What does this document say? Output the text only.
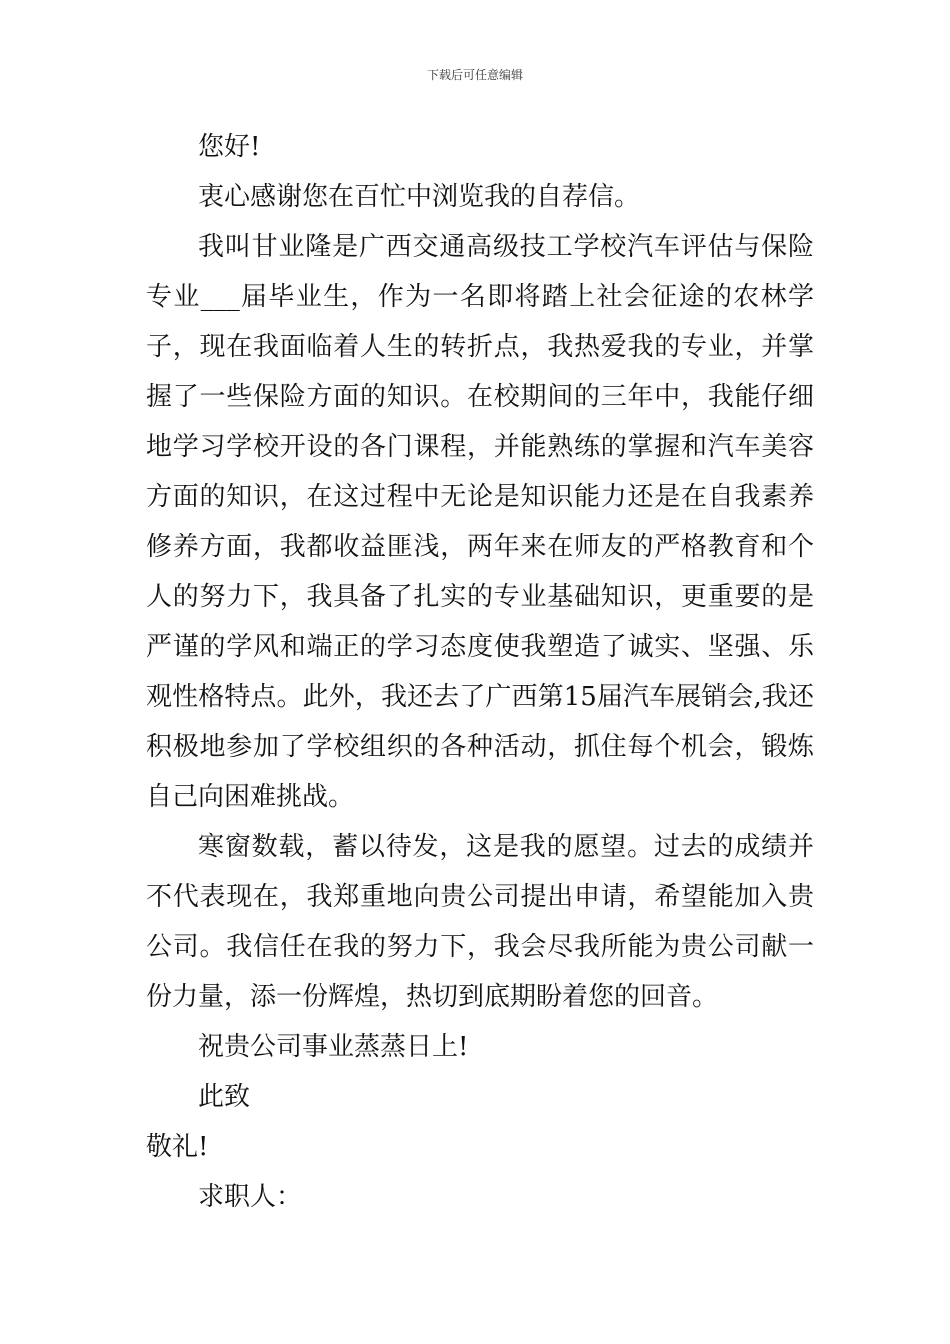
下载后可任意编辑

您好!

衷心感谢您在百忙中浏览我的自荐信。

我叫甘业隆是广西交通高级技工学校汽车评估与保险专业___届毕业生，作为一名即将踏上社会征途的农林学子，现在我面临着人生的转折点，我热爱我的专业，并掌握了一些保险方面的知识。在校期间的三年中，我能仔细地学习学校开设的各门课程，并能熟练的掌握和汽车美容方面的知识，在这过程中无论是知识能力还是在自我素养修养方面，我都收益匪浅，两年来在师友的严格教育和个人的努力下，我具备了扎实的专业基础知识，更重要的是严谨的学风和端正的学习态度使我塑造了诚实、坚强、乐观性格特点。此外，我还去了广西第15届汽车展销会,我还积极地参加了学校组织的各种活动，抓住每个机会，锻炼自己向困难挑战。

寒窗数载，蓄以待发，这是我的愿望。过去的成绩并不代表现在，我郑重地向贵公司提出申请，希望能加入贵公司。我信任在我的努力下，我会尽我所能为贵公司献一份力量，添一份辉煌，热切到底期盼着您的回音。

祝贵公司事业蒸蒸日上!

此致

敬礼!

求职人：
